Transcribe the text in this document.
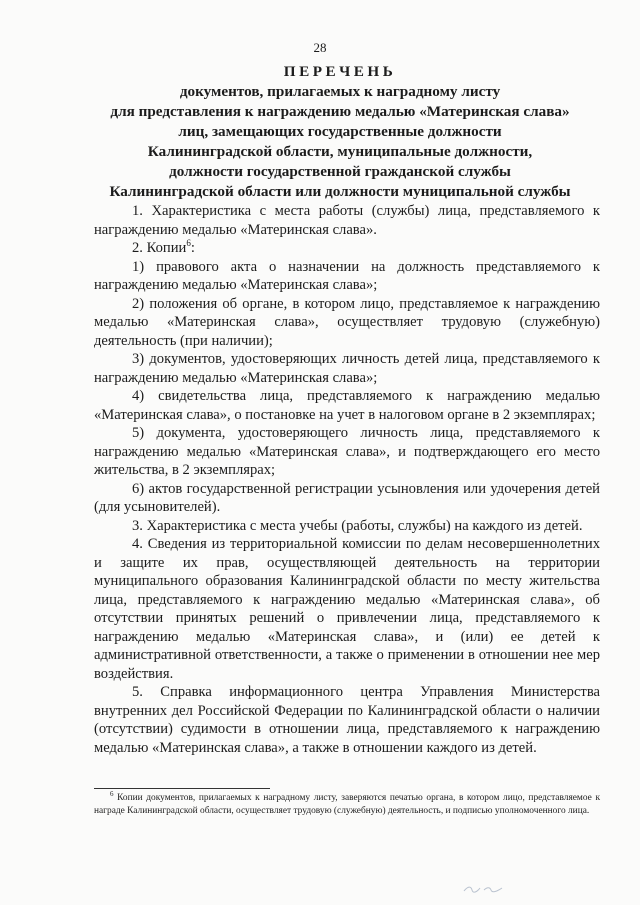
28
ПЕРЕЧЕНЬ
документов, прилагаемых к наградному листу
для представления к награждению медалью «Материнская слава»
лиц, замещающих государственные должности
Калининградской области, муниципальные должности,
должности государственной гражданской службы
Калининградской области или должности муниципальной службы

1. Характеристика с места работы (службы) лица, представляемого к награждению медалью «Материнская слава».

2. Копии$^6$:

1) правового акта о назначении на должность представляемого к награждению медалью «Материнская слава»;

2) положения об органе, в котором лицо, представляемое к награждению медалью «Материнская слава», осуществляет трудовую (служебную) деятельность (при наличии);

3) документов, удостоверяющих личность детей лица, представляемого к награждению медалью «Материнская слава»;

4) свидетельства лица, представляемого к награждению медалью «Материнская слава», о постановке на учет в налоговом органе в 2 экземплярах;

5) документа, удостоверяющего личность лица, представляемого к награждению медалью «Материнская слава», и подтверждающего его место жительства, в 2 экземплярах;

6) актов государственной регистрации усыновления или удочерения детей (для усыновителей).

3. Характеристика с места учебы (работы, службы) на каждого из детей.

4. Сведения из территориальной комиссии по делам несовершеннолетних и защите их прав, осуществляющей деятельность на территории муниципального образования Калининградской области по месту жительства лица, представляемого к награждению медалью «Материнская слава», об отсутствии принятых решений о привлечении лица, представляемого к награждению медалью «Материнская слава», и (или) ее детей к административной ответственности, а также о применении в отношении нее мер воздействия.

5. Справка информационного центра Управления Министерства внутренних дел Российской Федерации по Калининградской области о наличии (отсутствии) судимости в отношении лица, представляемого к награждению медалью «Материнская слава», а также в отношении каждого из детей.

$^6$ Копии документов, прилагаемых к наградному листу, заверяются печатью органа, в котором лицо, представляемое к награде Калининградской области, осуществляет трудовую (служебную) деятельность, и подписью уполномоченного лица.
